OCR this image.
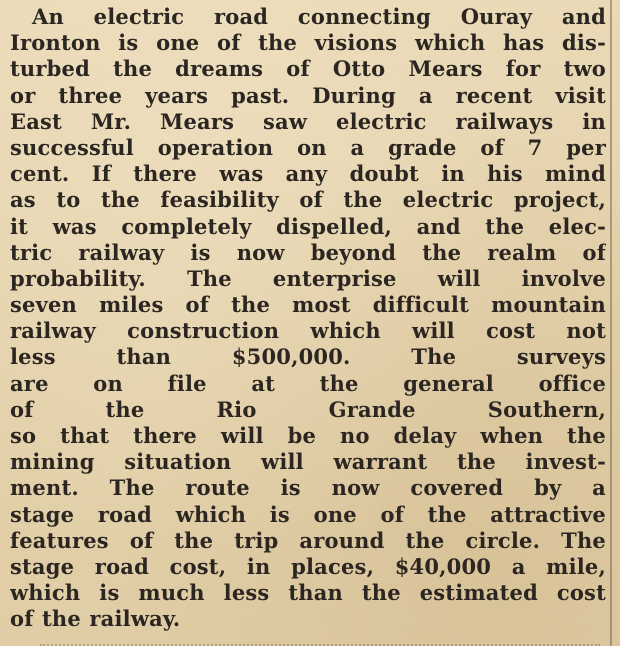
An electric road connecting Ouray and
Ironton is one of the visions which has dis-
turbed the dreams of Otto Mears for two
or three years past. During a recent visit
East Mr. Mears saw electric railways in
successful operation on a grade of 7 per
cent. If there was any doubt in his mind
as to the feasibility of the electric project,
it was completely dispelled, and the elec-
tric railway is now beyond the realm of
probability. The enterprise will involve
seven miles of the most difficult mountain
railway construction which will cost not
less than $500,000. The surveys
are on file at the general office
of the Rio Grande Southern,
so that there will be no delay when the
mining situation will warrant the invest-
ment. The route is now covered by a
stage road which is one of the attractive
features of the trip around the circle. The
stage road cost, in places, $40,000 a mile,
which is much less than the estimated cost
of the railway.
